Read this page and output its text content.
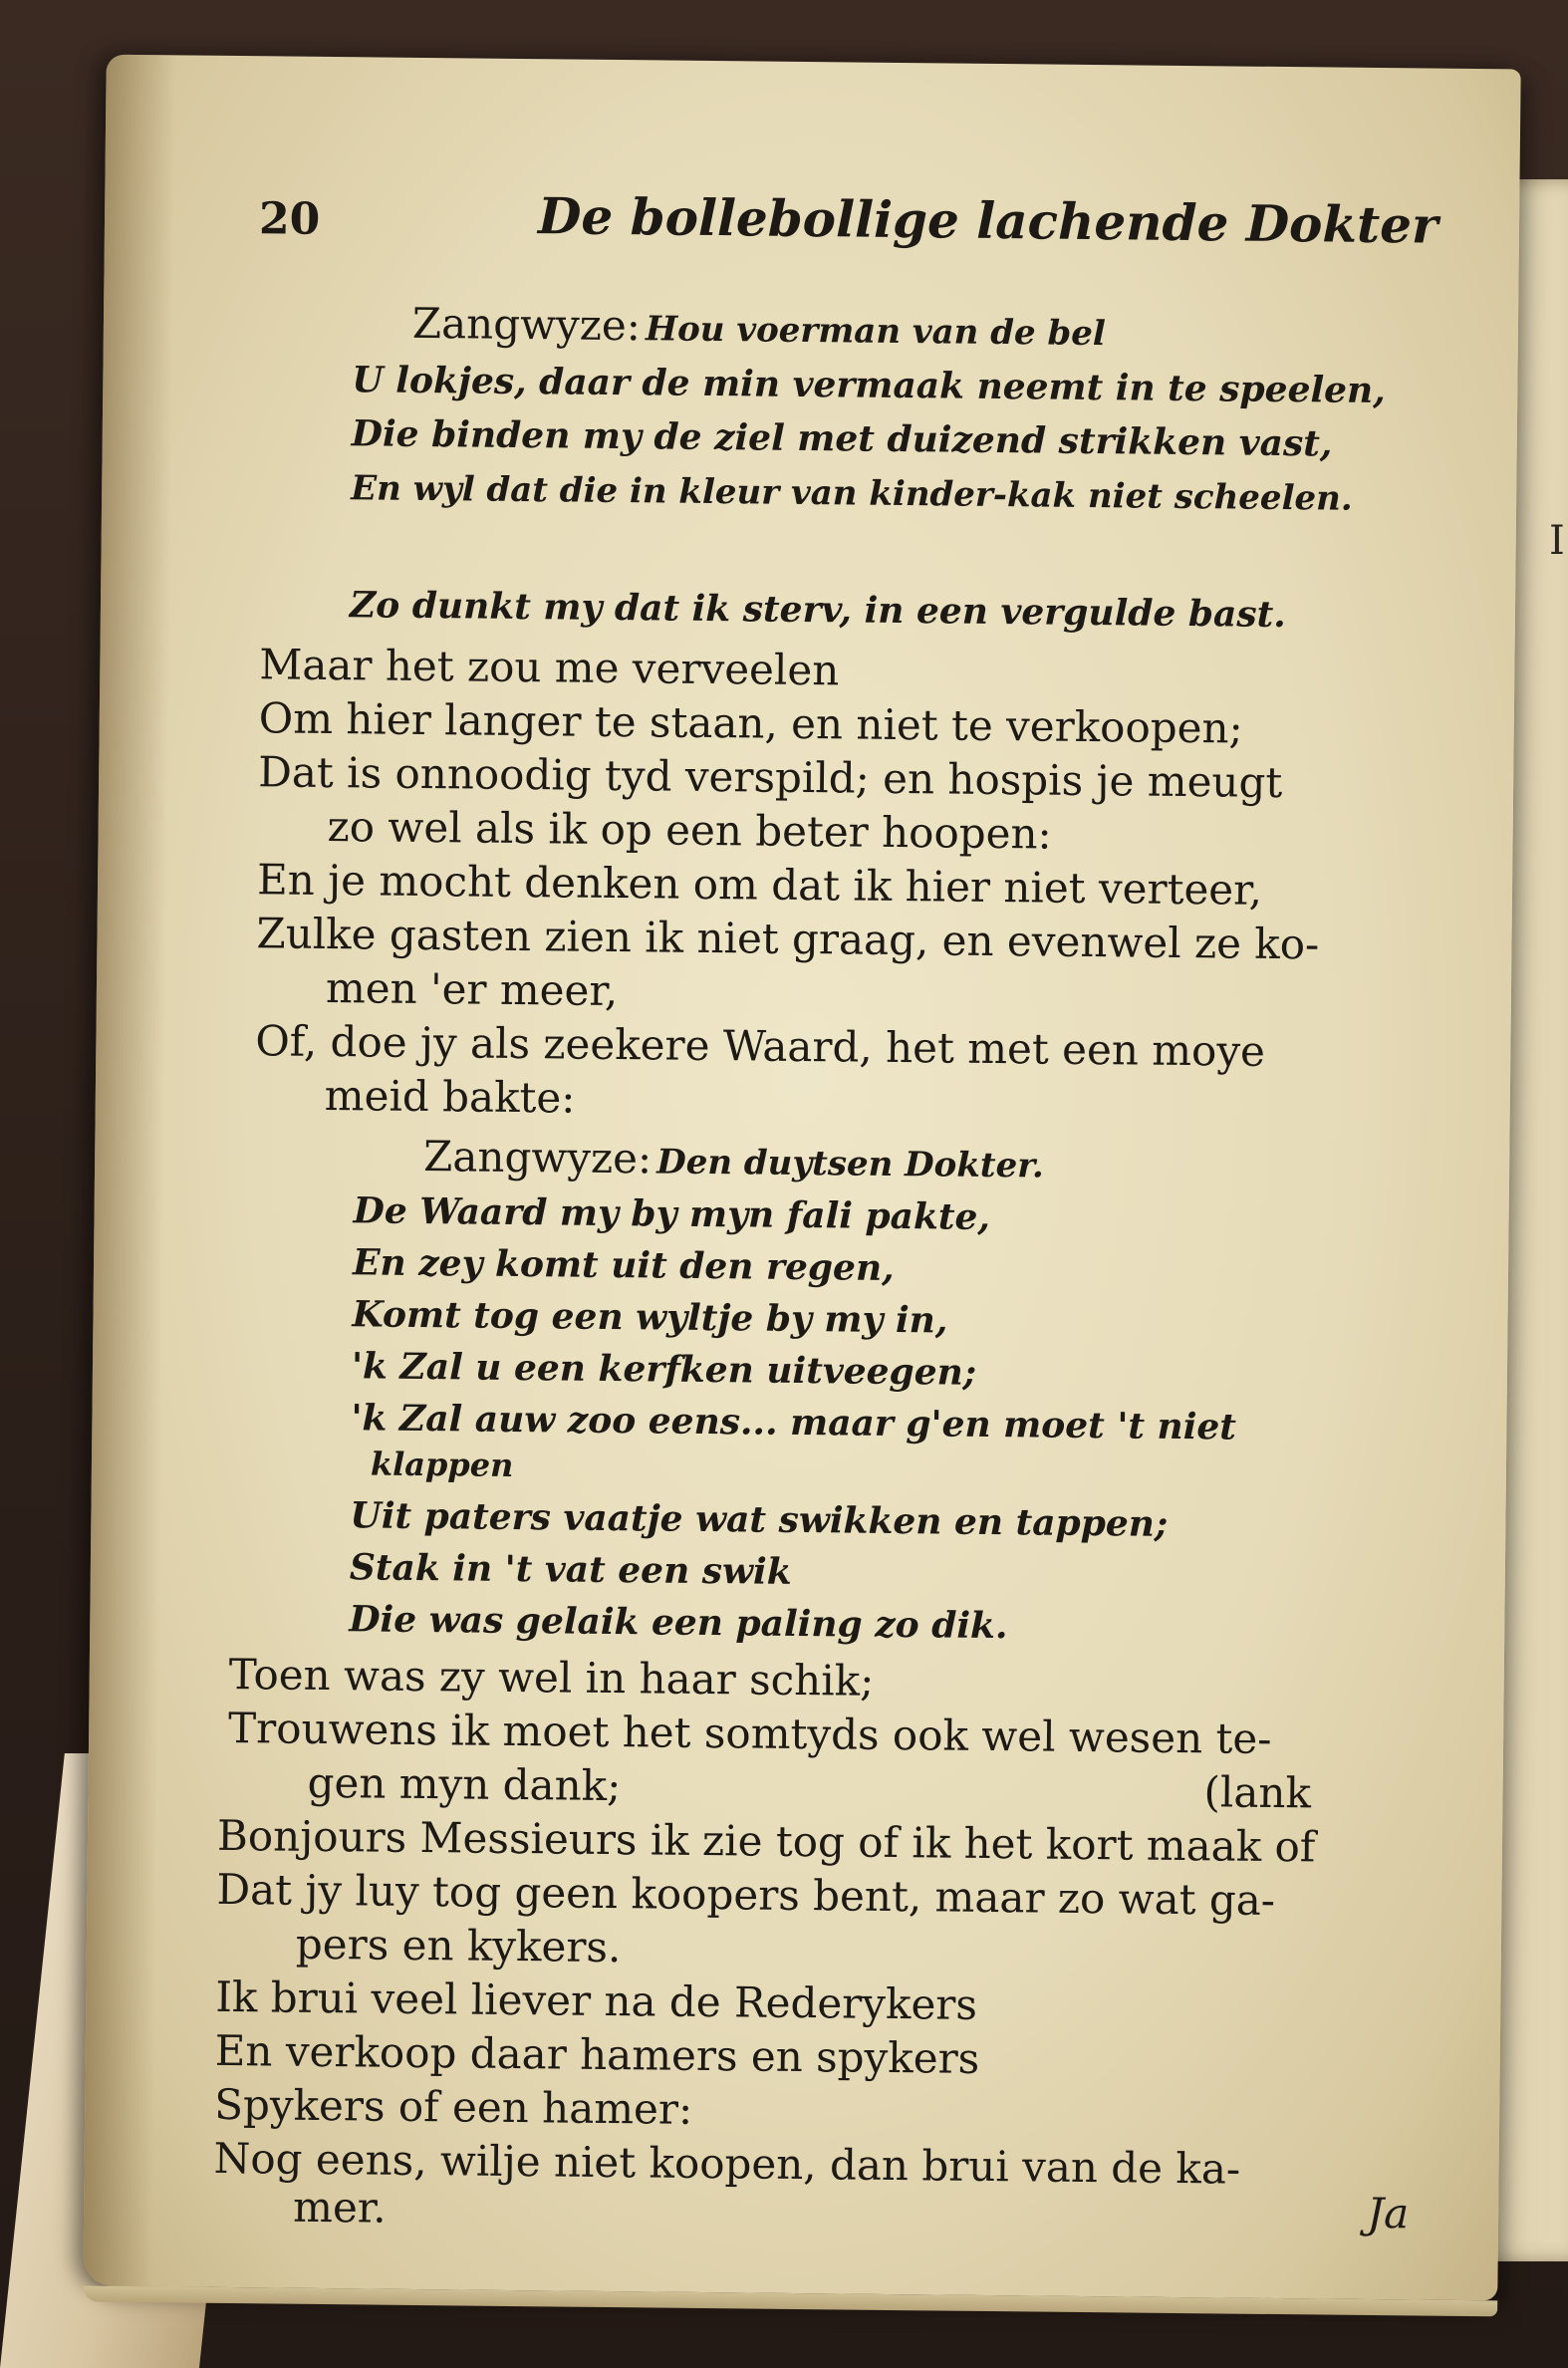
I
20	De bollebollige lachende Dokter
Zangwyze: Hou voerman van de bel
U lokjes, daar de min vermaak neemt in te speelen,
Die binden my de ziel met duizend strikken vast,
En wyl dat die in kleur van kinder-kak niet scheelen.
Zo dunkt my dat ik sterv, in een vergulde bast.
Maar het zou me verveelen
Om hier langer te staan, en niet te verkoopen;
Dat is onnoodig tyd verspild; en hospis je meugt
zo wel als ik op een beter hoopen:
En je mocht denken om dat ik hier niet verteer,
Zulke gasten zien ik niet graag, en evenwel ze ko-
men 'er meer,
Of, doe jy als zeekere Waard, het met een moye
meid bakte:
Zangwyze: Den duytsen Dokter.
De Waard my by myn fali pakte,
En zey komt uit den regen,
Komt tog een wyltje by my in,
'k Zal u een kerfken uitveegen;
'k Zal auw zoo eens... maar g'en moet 't niet
klappen
Uit paters vaatje wat swikken en tappen;
Stak in 't vat een swik
Die was gelaik een paling zo dik.
Toen was zy wel in haar schik;
Trouwens ik moet het somtyds ook wel wesen te-
gen myn dank;	(lank
Bonjours Messieurs ik zie tog of ik het kort maak of
Dat jy luy tog geen koopers bent, maar zo wat ga-
pers en kykers.
Ik brui veel liever na de Rederykers
En verkoop daar hamers en spykers
Spykers of een hamer:
Nog eens, wilje niet koopen, dan brui van de ka-
mer.	Ja
